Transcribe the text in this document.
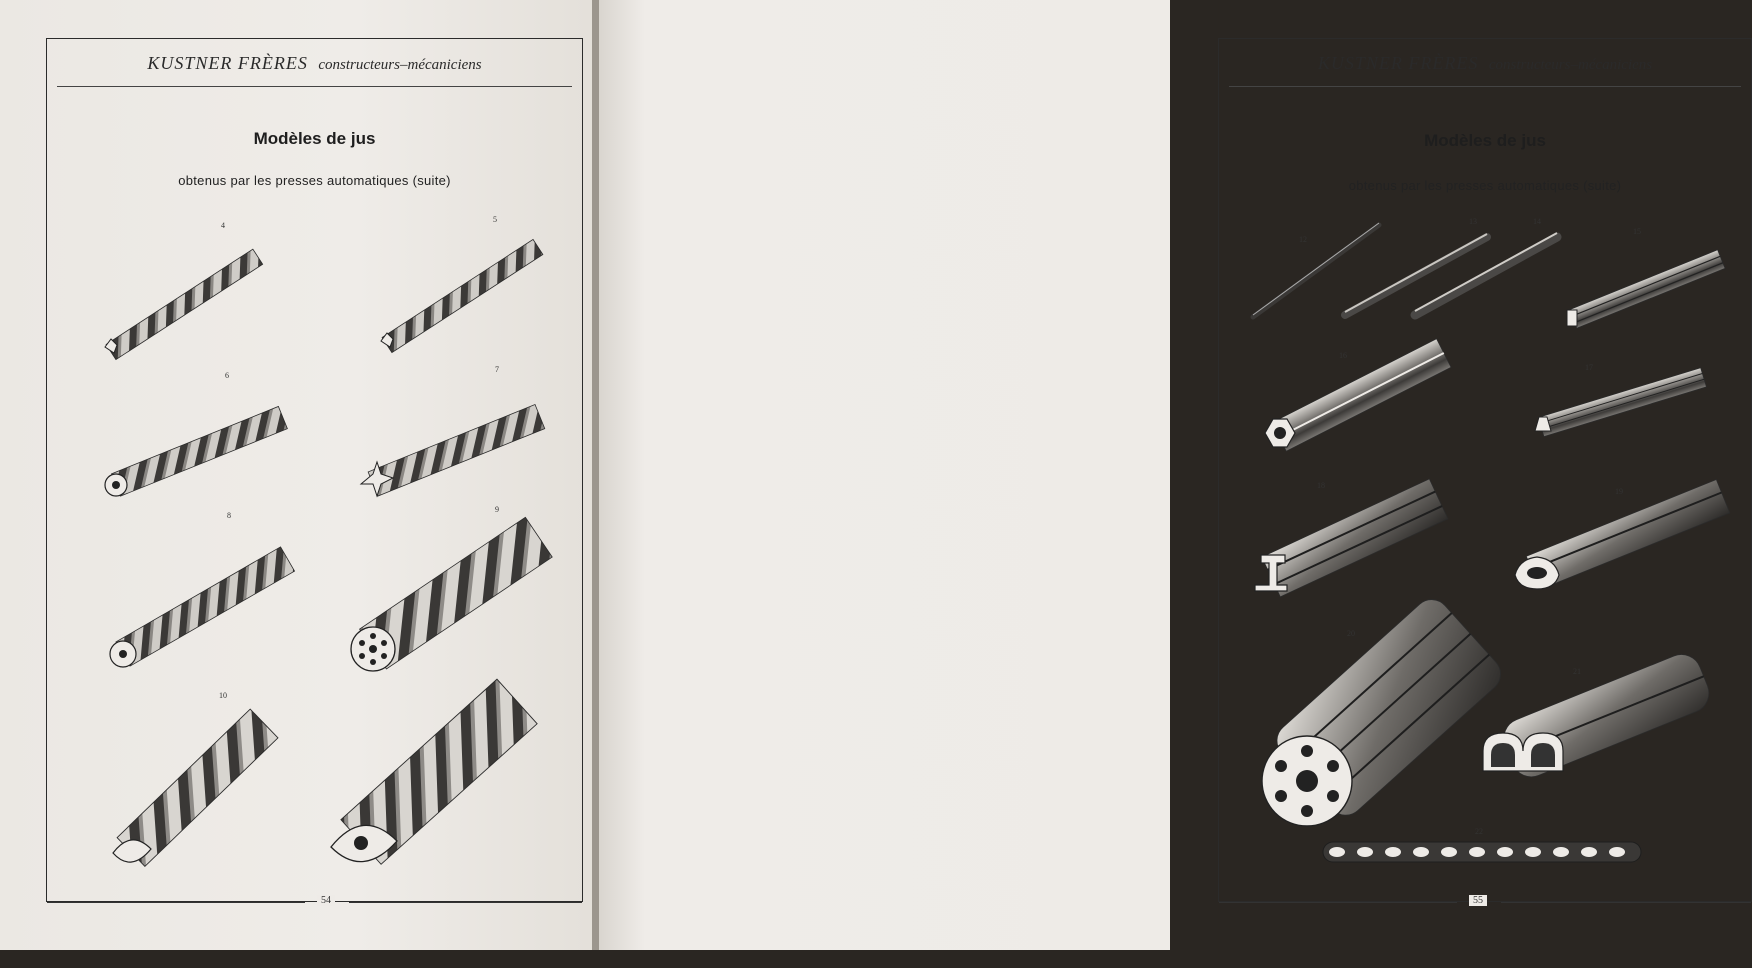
KUSTNER FRÈRES constructeurs–mécaniciens
Modèles de jus
obtenus par les presses automatiques (suite)
4
5
6
7
8
9
10
54
KUSTNER FRÈRES constructeurs–mécaniciens
Modèles de jus
obtenus par les presses automatiques (suite)
12
13	14
15
16
17
18
19
20
21
22
55
